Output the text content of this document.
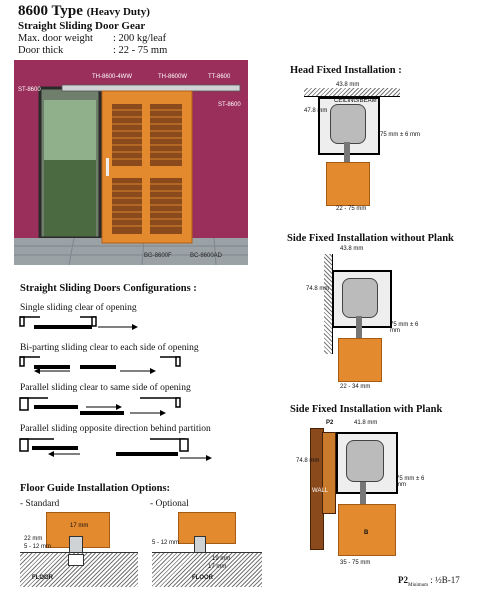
8600 Type (Heavy Duty)
Straight Sliding Door Gear
Max. door weight : 200 kg/leaf
Door thick	: 22 - 75 mm
ST-8600
TH-8600-4WW	TH-8600W	TT-8600
ST-8600
BG-8600F	BC-8600AD
Straight Sliding Doors Configurations :
Single sliding clear of opening
Bi-parting sliding clear to each side of opening
Parallel sliding clear to same side of opening
Parallel sliding opposite direction behind partition
Floor Guide Installation Options:
- Standard	- Optional
17 mm
22 mm
5 - 12 mm
FLOOR
5 - 12 mm
19 mm
17 mm
FLOOR
Head Fixed Installation :
43.8 mm
CEILING/BEAM
47.8 mm
75 mm ± 6 mm
22 - 75 mm
Side Fixed Installation without Plank
43.8 mm
74.8 mm
75 mm ± 6 mm
22 - 34 mm
Side Fixed Installation with Plank
P2	41.8 mm
74.8 mm
WALL
75 mm ± 6 mm
B
35 - 75 mm
$P2_{Minimum}$ : ½B-17
